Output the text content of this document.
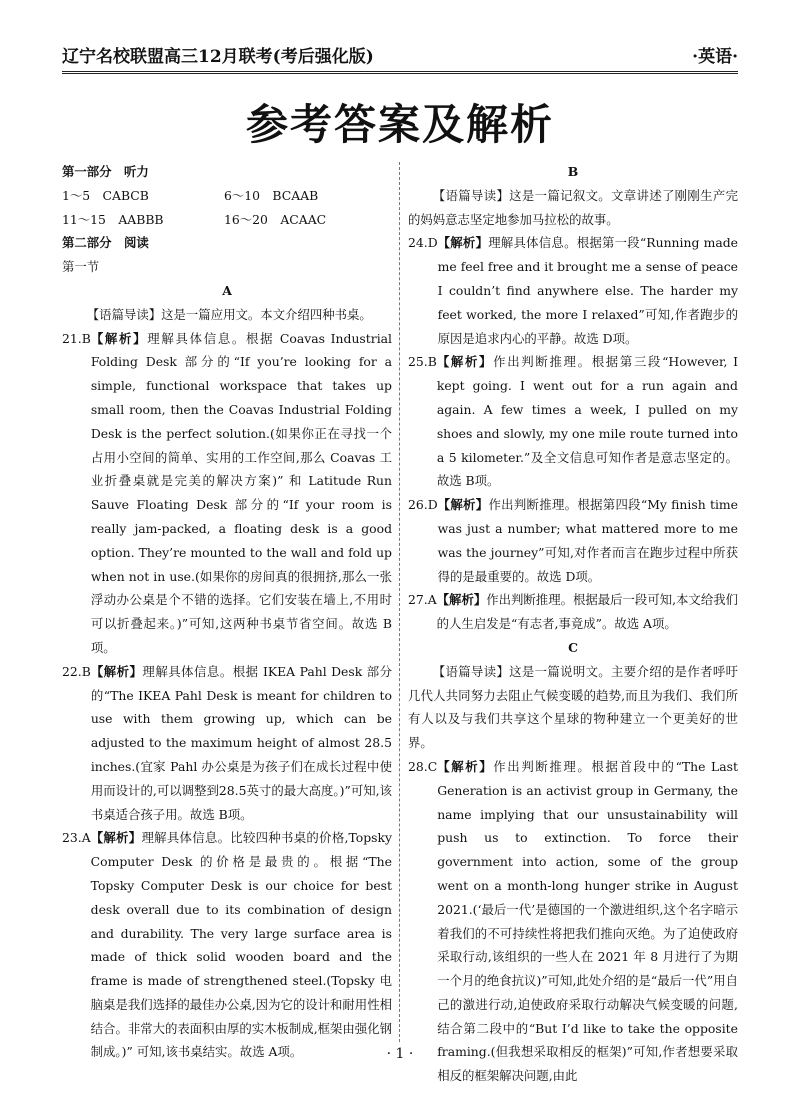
辽宁名校联盟高三12月联考(考后强化版)	·英语·
参考答案及解析
第一部分　听力
1～5　CABCB	6～10　BCAAB
11～15　AABBB	16～20　ACAAC
第二部分　阅读
第一节
A

【语篇导读】这是一篇应用文。本文介绍四种书桌。

21.B 【解析】理解具体信息。根据 Coavas Industrial Folding Desk 部分的“If you’re looking for a simple, functional workspace that takes up small room, then the Coavas Industrial Folding Desk is the perfect solution.(如果你正在寻找一个占用小空间的简单、实用的工作空间,那么 Coavas 工业折叠桌就是完美的解决方案)” 和 Latitude Run Sauve Floating Desk 部分的“If your room is really jam-packed, a floating desk is a good option. They’re mounted to the wall and fold up when not in use.(如果你的房间真的很拥挤,那么一张浮动办公桌是个不错的选择。它们安装在墙上,不用时可以折叠起来。)”可知,这两种书桌节省空间。故选 B项。
22.B 【解析】理解具体信息。根据 IKEA Pahl Desk 部分的“The IKEA Pahl Desk is meant for children to use with them growing up, which can be adjusted to the maximum height of almost 28.5 inches.(宜家 Pahl 办公桌是为孩子们在成长过程中使用而设计的,可以调整到28.5英寸的最大高度。)”可知,该书桌适合孩子用。故选 B项。
23.A 【解析】理解具体信息。比较四种书桌的价格,Topsky Computer Desk 的价格是最贵的。根据“The Topsky Computer Desk is our choice for best desk overall due to its combination of design and durability. The very large surface area is made of thick solid wooden board and the frame is made of strengthened steel.(Topsky 电脑桌是我们选择的最佳办公桌,因为它的设计和耐用性相结合。非常大的表面积由厚的实木板制成,框架由强化钢制成。)” 可知,该书桌结实。故选 A项。
B

【语篇导读】这是一篇记叙文。文章讲述了刚刚生产完的妈妈意志坚定地参加马拉松的故事。

24.D 【解析】理解具体信息。根据第一段“Running made me feel free and it brought me a sense of peace I couldn’t find anywhere else. The harder my feet worked, the more I relaxed”可知,作者跑步的原因是追求内心的平静。故选 D项。
25.B 【解析】作出判断推理。根据第三段“However, I kept going. I went out for a run again and again. A few times a week, I pulled on my shoes and slowly, my one mile route turned into a 5 kilometer.”及全文信息可知作者是意志坚定的。故选 B项。
26.D 【解析】作出判断推理。根据第四段“My finish time was just a number; what mattered more to me was the journey”可知,对作者而言在跑步过程中所获得的是最重要的。故选 D项。
27.A 【解析】作出判断推理。根据最后一段可知,本文给我们的人生启发是“有志者,事竟成”。故选 A项。
C

【语篇导读】这是一篇说明文。主要介绍的是作者呼吁几代人共同努力去阻止气候变暖的趋势,而且为我们、我们所有人以及与我们共享这个星球的物种建立一个更美好的世界。

28.C 【解析】作出判断推理。根据首段中的“The Last Generation is an activist group in Germany, the name implying that our unsustainability will push us to extinction. To force their government into action, some of the group went on a month-long hunger strike in August 2021.(‘最后一代’是德国的一个激进组织,这个名字暗示着我们的不可持续性将把我们推向灭绝。为了迫使政府采取行动,该组织的一些人在 2021 年 8 月进行了为期一个月的绝食抗议)”可知,此处介绍的是“最后一代”用自己的激进行动,迫使政府采取行动解决气候变暖的问题,结合第二段中的“But I’d like to take the opposite framing.(但我想采取相反的框架)”可知,作者想要采取相反的框架解决问题,由此
· 1 ·
